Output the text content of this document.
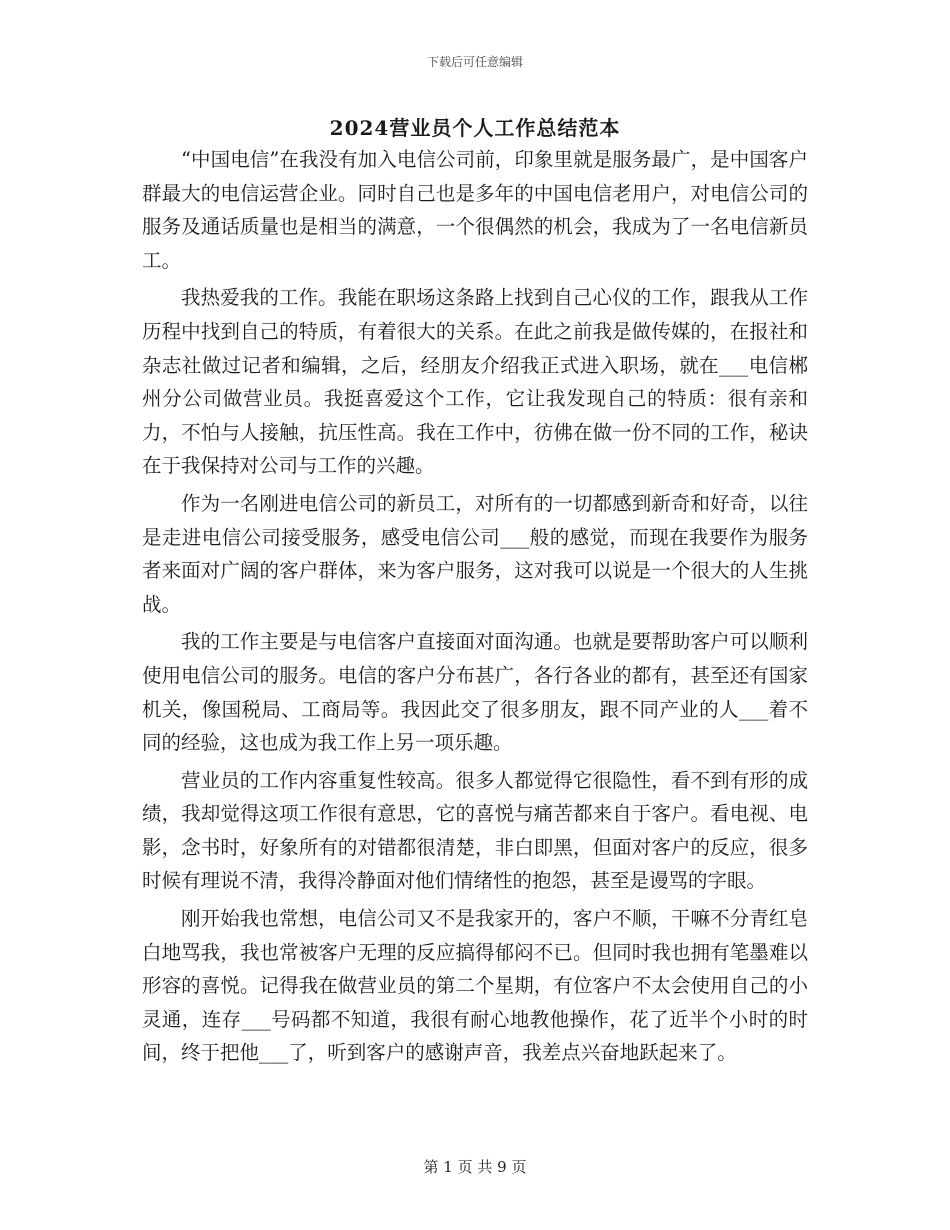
下载后可任意编辑
2024营业员个人工作总结范本

“中国电信”在我没有加入电信公司前，印象里就是服务最广，是中国客户群最大的电信运营企业。同时自己也是多年的中国电信老用户，对电信公司的服务及通话质量也是相当的满意，一个很偶然的机会，我成为了一名电信新员工。

我热爱我的工作。我能在职场这条路上找到自己心仪的工作，跟我从工作历程中找到自己的特质，有着很大的关系。在此之前我是做传媒的，在报社和杂志社做过记者和编辑，之后，经朋友介绍我正式进入职场，就在___电信郴州分公司做营业员。我挺喜爱这个工作，它让我发现自己的特质：很有亲和力，不怕与人接触，抗压性高。我在工作中，彷佛在做一份不同的工作，秘诀在于我保持对公司与工作的兴趣。

作为一名刚进电信公司的新员工，对所有的一切都感到新奇和好奇，以往是走进电信公司接受服务，感受电信公司___般的感觉，而现在我要作为服务者来面对广阔的客户群体，来为客户服务，这对我可以说是一个很大的人生挑战。

我的工作主要是与电信客户直接面对面沟通。也就是要帮助客户可以顺利使用电信公司的服务。电信的客户分布甚广，各行各业的都有，甚至还有国家机关，像国税局、工商局等。我因此交了很多朋友，跟不同产业的人___着不同的经验，这也成为我工作上另一项乐趣。

营业员的工作内容重复性较高。很多人都觉得它很隐性，看不到有形的成绩，我却觉得这项工作很有意思，它的喜悦与痛苦都来自于客户。看电视、电影，念书时，好象所有的对错都很清楚，非白即黑，但面对客户的反应，很多时候有理说不清，我得冷静面对他们情绪性的抱怨，甚至是谩骂的字眼。

刚开始我也常想，电信公司又不是我家开的，客户不顺，干嘛不分青红皂白地骂我，我也常被客户无理的反应搞得郁闷不已。但同时我也拥有笔墨难以形容的喜悦。记得我在做营业员的第二个星期，有位客户不太会使用自己的小灵通，连存___号码都不知道，我很有耐心地教他操作，花了近半个小时的时间，终于把他___了，听到客户的感谢声音，我差点兴奋地跃起来了。

第 1 页 共 9 页
